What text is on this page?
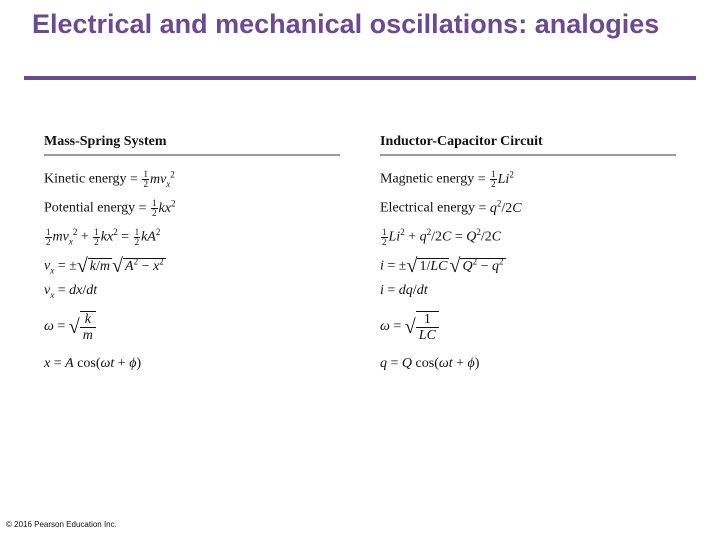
Electrical and mechanical oscillations: analogies
Mass-Spring System
Kinetic energy = $\frac{1}{2} mv_x^2$
Potential energy = $\frac{1}{2} kx^2$
$\frac{1}{2} mv_x^2 + \frac{1}{2} kx^2 = \frac{1}{2} kA^2$
$v_x$ = ±√ k/m √ $A^2 - x^2$
$v_x = dx/dt$
ω = √ $\frac{k}{m}$
x = A cos(ωt + ϕ)
Inductor-Capacitor Circuit
Magnetic energy = $\frac{1}{2} Li^2$
Electrical energy = $q^2/2C$
$\frac{1}{2} Li^2 + q^2/2C = Q^2/2C$
i = ±√ 1/LC √ $Q^2 - q^2$
i = dq/dt
ω = √ $\frac{1}{LC}$
q = Q cos(ωt + ϕ)
© 2016 Pearson Education Inc.
